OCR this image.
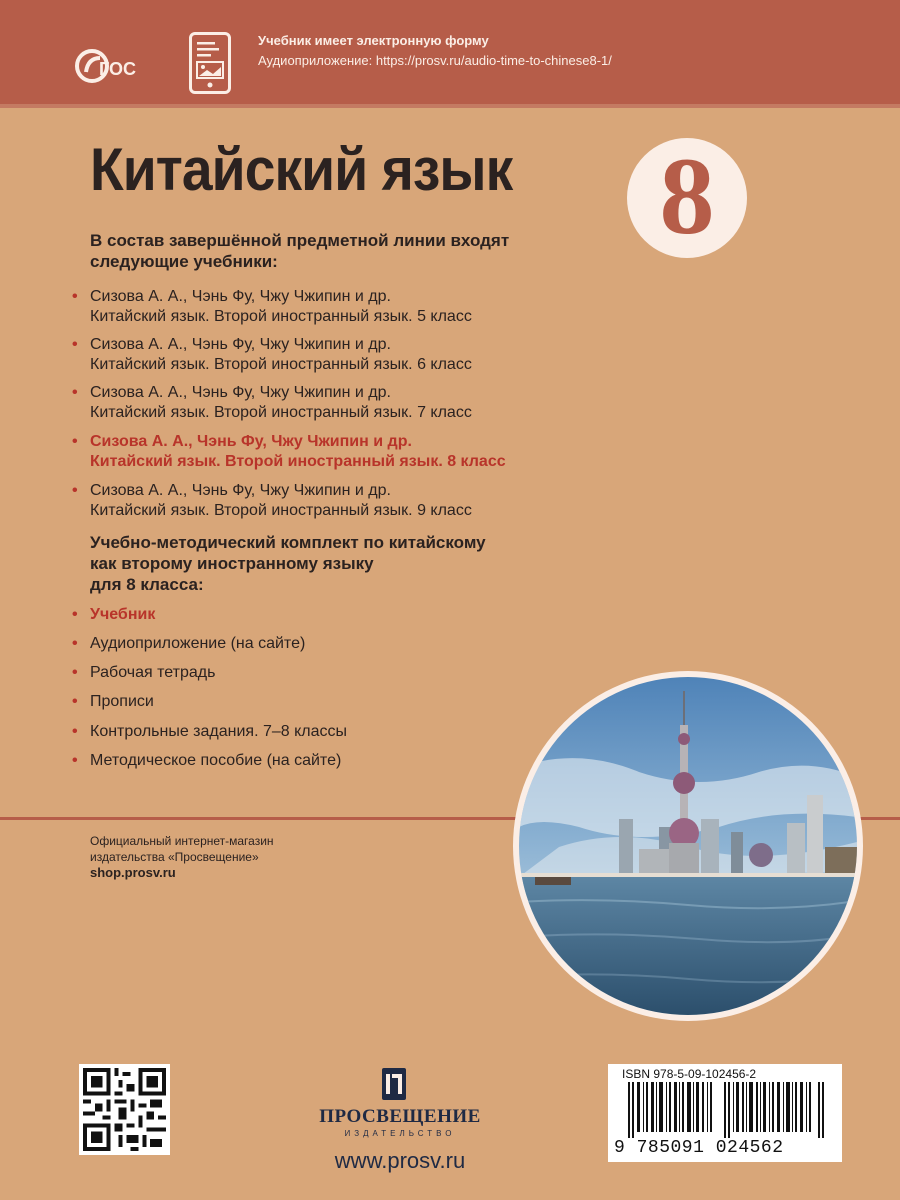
ГОС
Учебник имеет электронную форму
Аудиоприложение: https://prosv.ru/audio-time-to-chinese8-1/
Китайский язык 8
В состав завершённой предметной линии входят
следующие учебники:
• Сизова А. А., Чэнь Фу, Чжу Чжипин и др.
Китайский язык. Второй иностранный язык. 5 класс
• Сизова А. А., Чэнь Фу, Чжу Чжипин и др.
Китайский язык. Второй иностранный язык. 6 класс
• Сизова А. А., Чэнь Фу, Чжу Чжипин и др.
Китайский язык. Второй иностранный язык. 7 класс
• Сизова А. А., Чэнь Фу, Чжу Чжипин и др.
Китайский язык. Второй иностранный язык. 8 класс
• Сизова А. А., Чэнь Фу, Чжу Чжипин и др.
Китайский язык. Второй иностранный язык. 9 класс
Учебно-методический комплект по китайскому
как второму иностранному языку
для 8 класса:
• Учебник
• Аудиоприложение (на сайте)
• Рабочая тетрадь
• Прописи
• Контрольные задания. 7–8 классы
• Методическое пособие (на сайте)
Официальный интернет-магазин
издательства «Просвещение»
shop.prosv.ru
ПРОСВЕЩЕНИЕ
ИЗДАТЕЛЬСТВО
www.prosv.ru
ISBN 978-5-09-102456-2
9 785091 024562
